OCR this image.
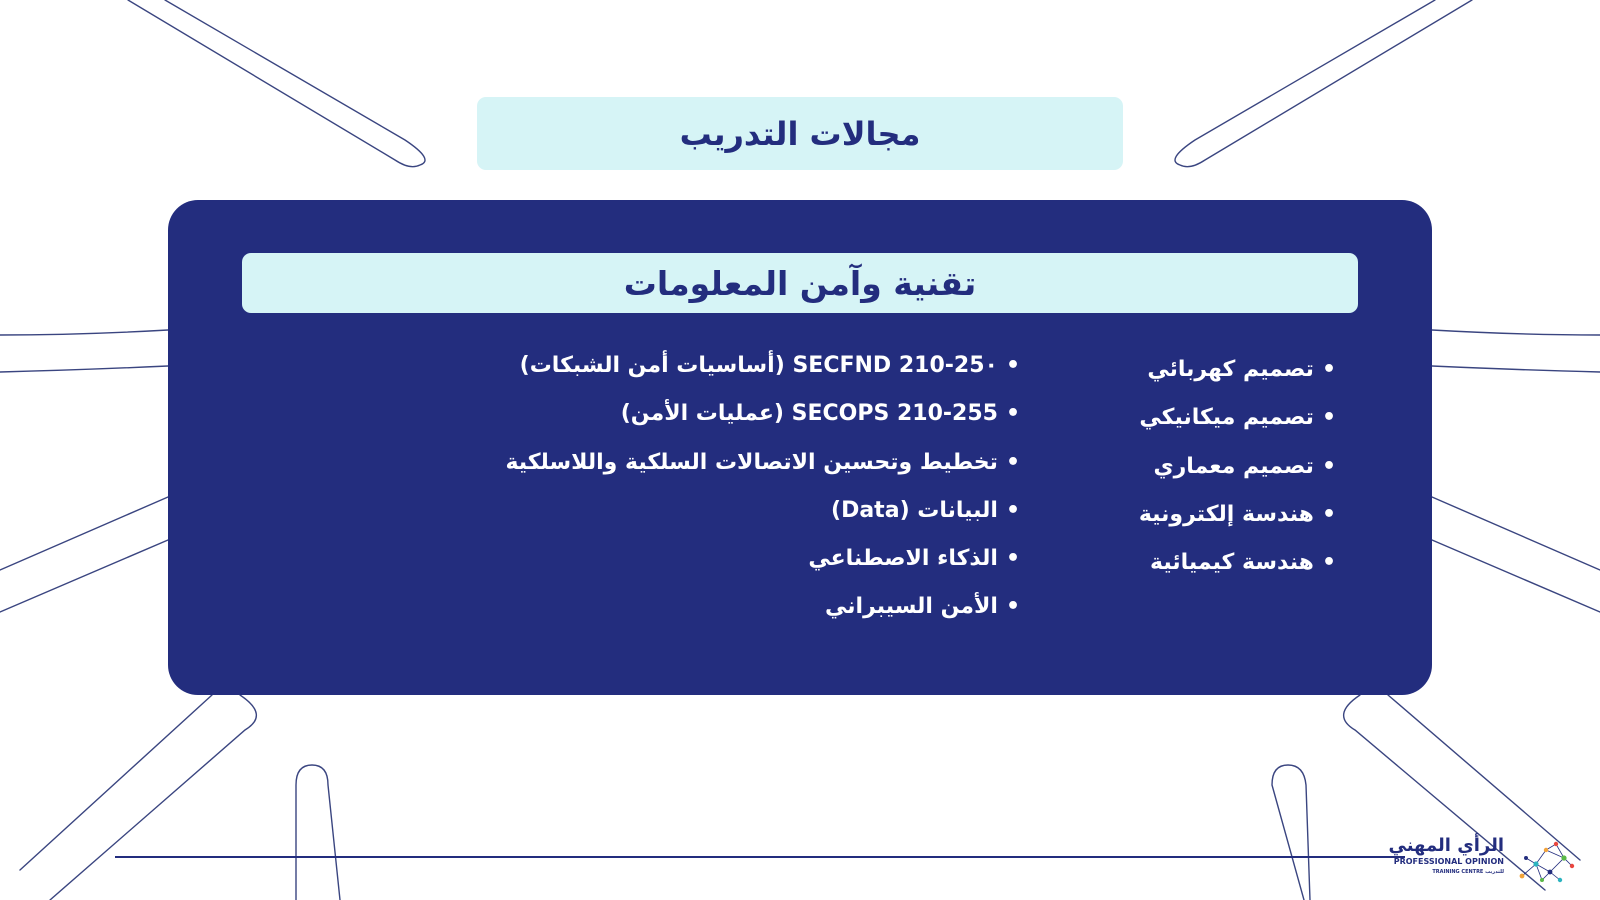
مجالات التدريب
تقنية وآمن المعلومات
•تصميم كهربائي
•تصميم ميكانيكي
•تصميم معماري
•هندسة إلكترونية
•هندسة كيميائية
•SECFND 210-25٠ (أساسيات أمن الشبكات)
•SECOPS 210-255 (عمليات الأمن)
•تخطيط وتحسين الاتصالات السلكية واللاسلكية
•البيانات (Data)
•الذكاء الاصطناعي
•الأمن السيبراني
الرأي المهني
PROFESSIONAL OPINION
TRAINING CENTRE للتدريب
